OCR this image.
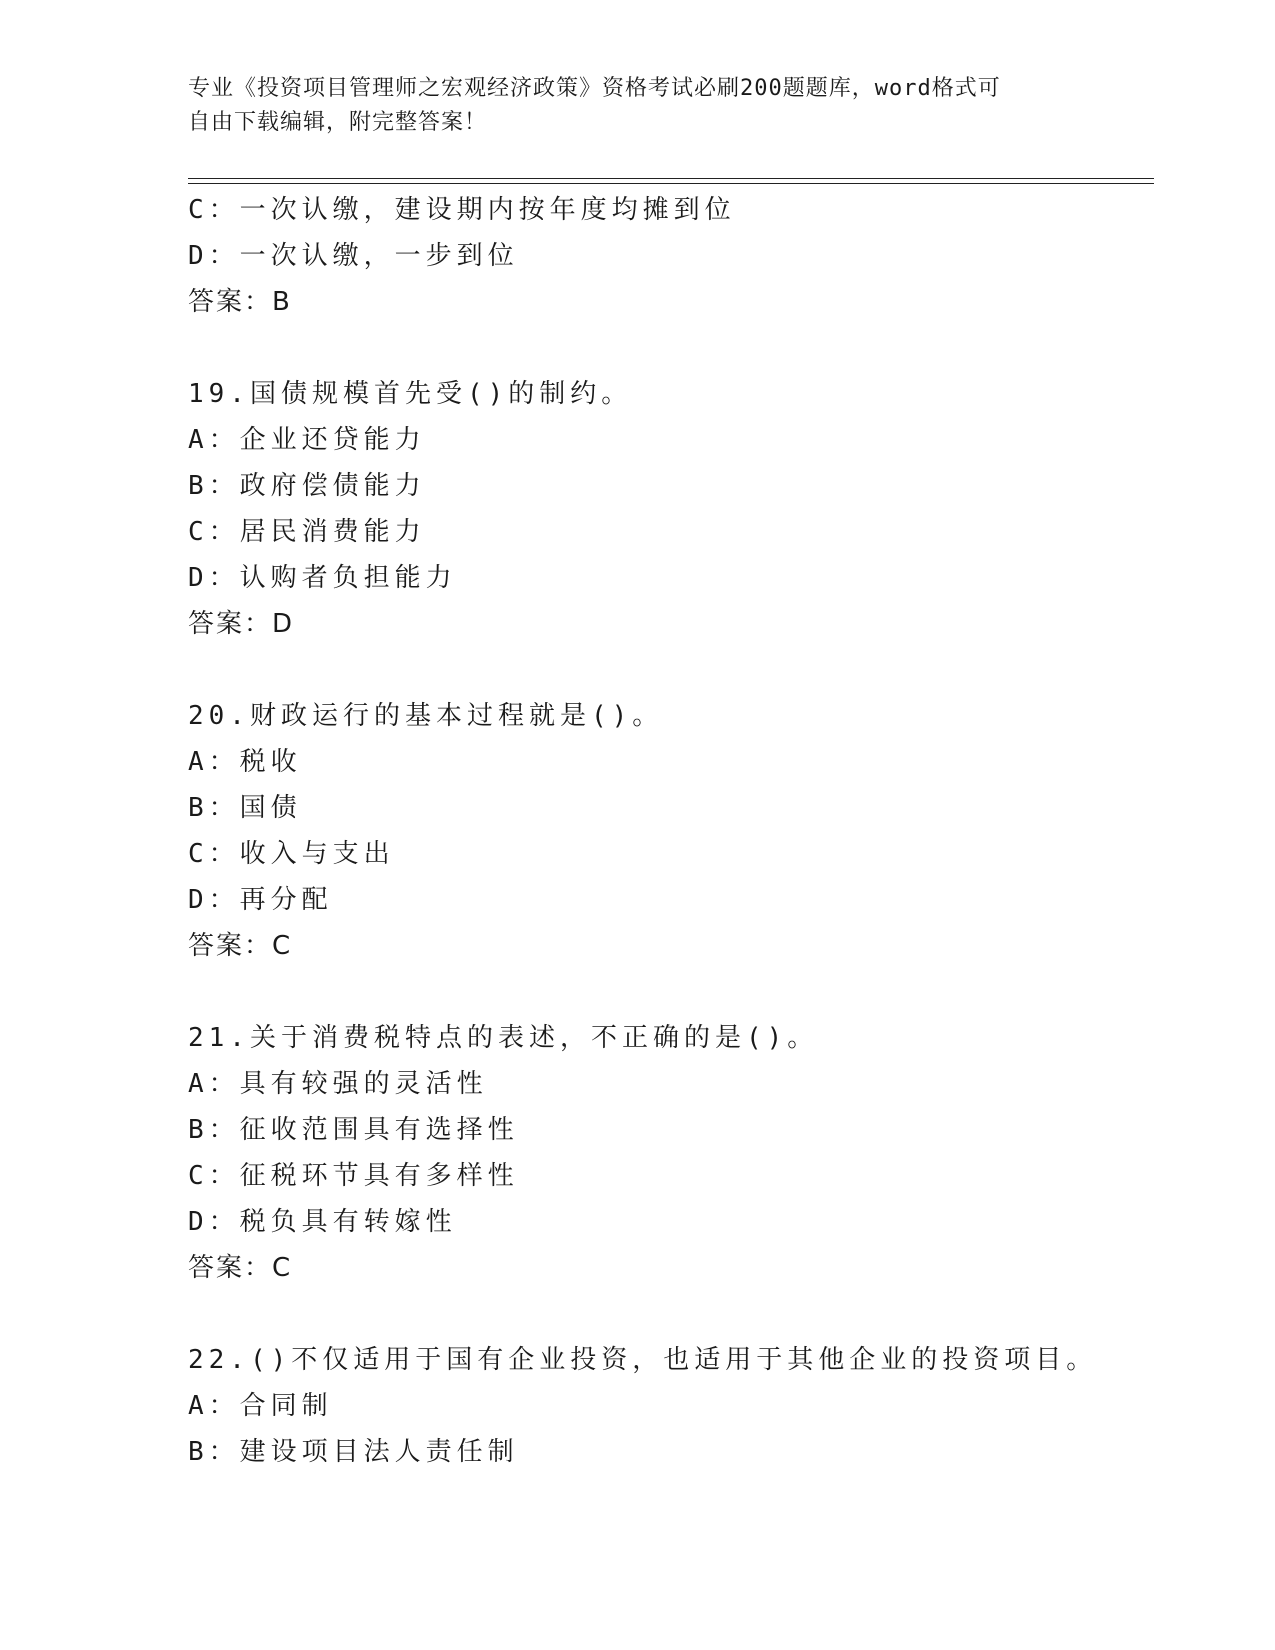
专业《投资项目管理师之宏观经济政策》资格考试必刷200题题库，word格式可
自由下载编辑，附完整答案！
C：一次认缴，建设期内按年度均摊到位
D：一次认缴，一步到位
答案：B
19.国债规模首先受()的制约。
A：企业还贷能力
B：政府偿债能力
C：居民消费能力
D：认购者负担能力
答案：D
20.财政运行的基本过程就是()。
A：税收
B：国债
C：收入与支出
D：再分配
答案：C
21.关于消费税特点的表述，不正确的是()。
A：具有较强的灵活性
B：征收范围具有选择性
C：征税环节具有多样性
D：税负具有转嫁性
答案：C
22.()不仅适用于国有企业投资，也适用于其他企业的投资项目。
A：合同制
B：建设项目法人责任制
